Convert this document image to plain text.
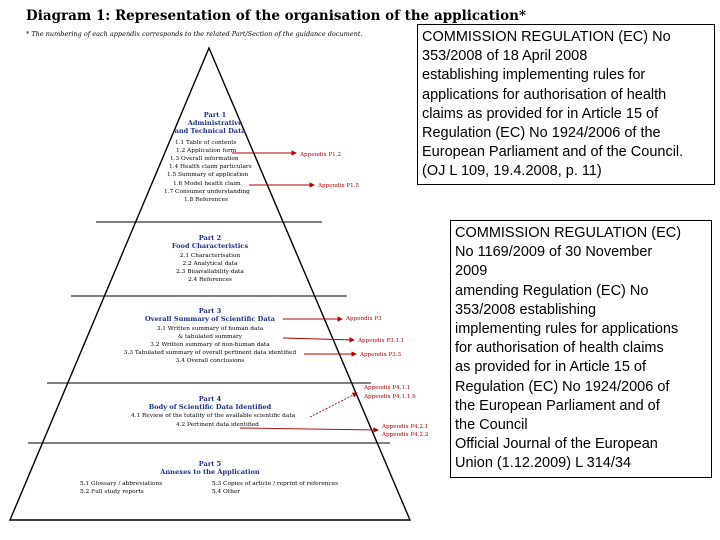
Diagram 1: Representation of the organisation of the application*
* The numbering of each appendix corresponds to the related Part/Section of the guidance document.
Part 1
Administrative
and Technical Data
1.1 Table of contents
1.2 Application form
1.3 Overall information
1.4 Health claim particulars
1.5 Summary of application
1.6 Model health claim
1.7 Consumer understanding
1.8 References
Part 2
Food Characteristics
2.1 Characterisation
2.2 Analytical data
2.3 Bioavailability data
2.4 References
Part 3
Overall Summary of Scientific Data
3.1 Written summary of human data
& tabulated summary
3.2 Written summary of non-human data
3.3 Tabulated summary of overall pertinent data identified
3.4 Overall conclusions
Part 4
Body of Scientific Data Identified
4.1 Review of the totality of the available scientific data
4.2 Pertinent data identified
Part 5
Annexes to the Application
5.1 Glossary / abbreviations	5.3 Copies of article / reprint of references
5.2 Full study reports	5.4 Other
Appendix P1.2
Appendix P1.5
Appendix P3
Appendix P3.1.1
Appendix P3.3
Appendix P4.1.1
Appendix P4.1.1.6
Appendix P4.2.1
Appendix P4.2.2
COMMISSION REGULATION (EC) No
353/2008 of 18 April 2008
establishing implementing rules for
applications for authorisation of health
claims as provided for in Article 15 of
Regulation (EC) No 1924/2006 of the
European Parliament and of the Council.
(OJ L 109, 19.4.2008, p. 11)
COMMISSION REGULATION (EC)
No 1169/2009 of 30 November
2009
amending Regulation (EC) No
353/2008 establishing
implementing rules for applications
for authorisation of health claims
as provided for in Article 15 of
Regulation (EC) No 1924/2006 of
the European Parliament and of
the Council
Official Journal of the European
Union (1.12.2009) L 314/34
